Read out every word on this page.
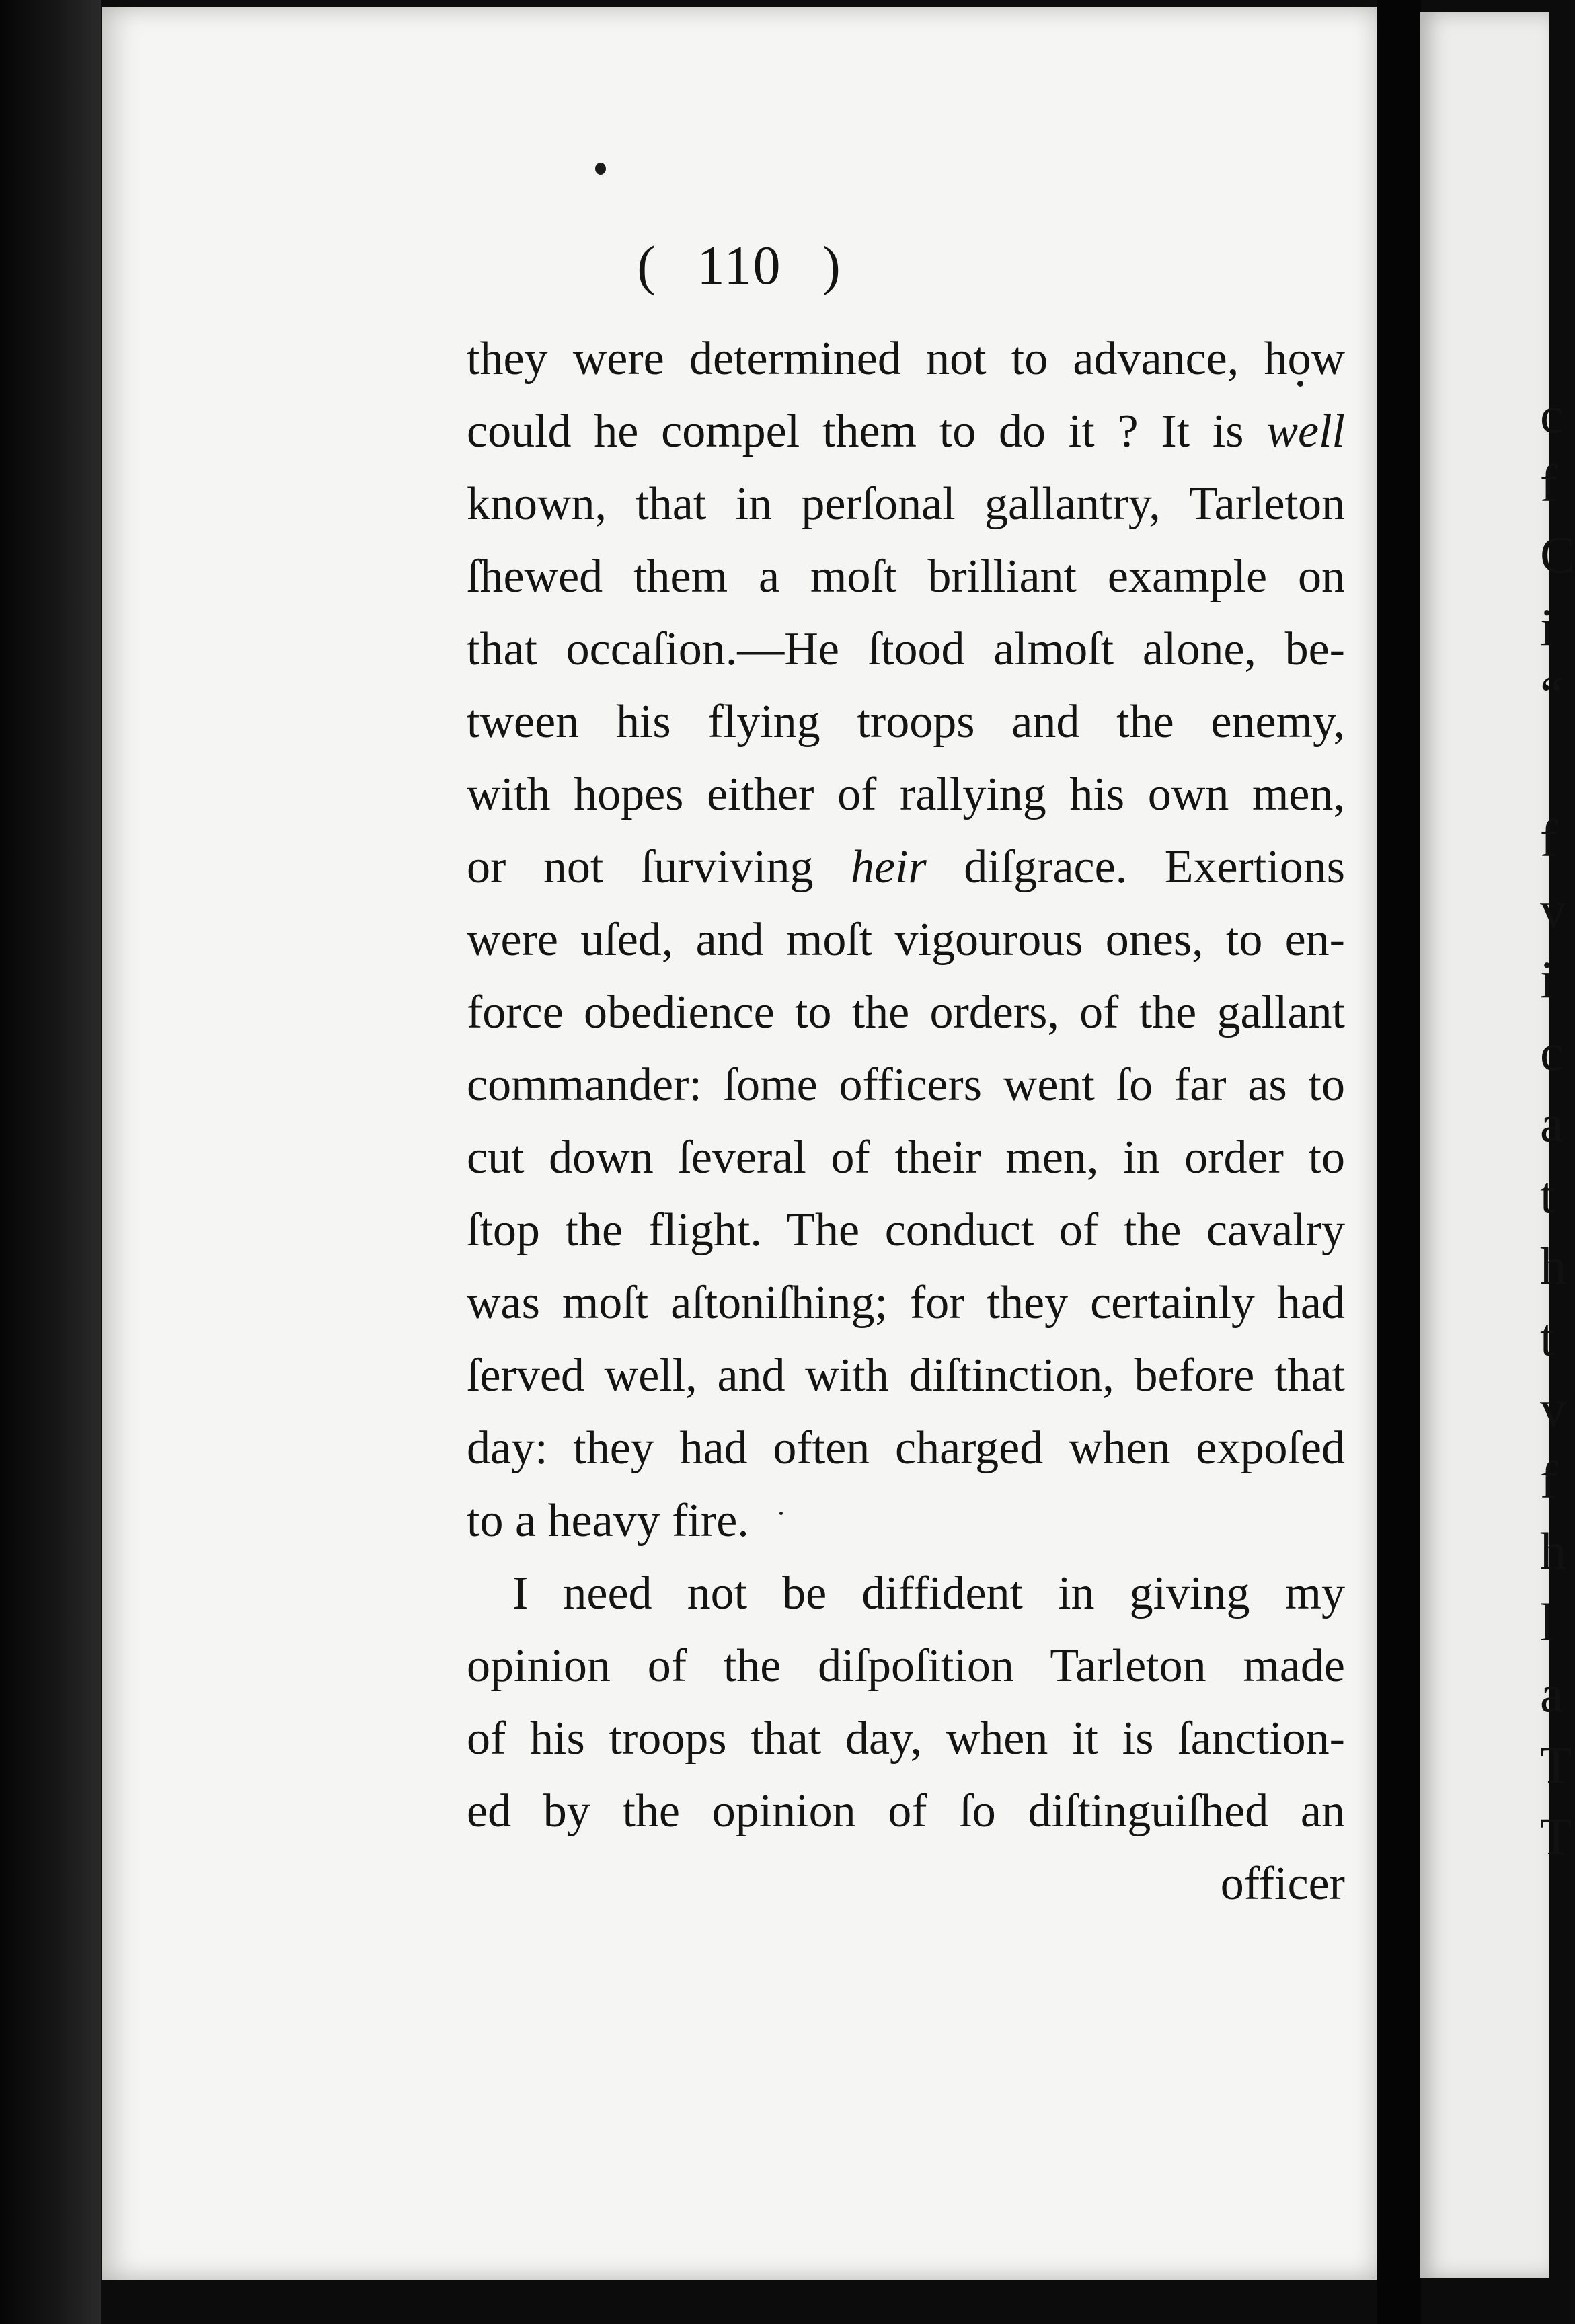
( 110 )
they were determined not to advance, how
could he compel them to do it ? It is well
known, that in perſonal gallantry, Tarleton
ſhewed them a moſt brilliant example on
that occaſion.—He ſtood almoſt alone, be-
tween his flying troops and the enemy,
with hopes either of rallying his own men,
or not ſurviving heir diſgrace. Exertions
were uſed, and moſt vigourous ones, to en-
force obedience to the orders, of the gallant
commander: ſome officers went ſo far as to
cut down ſeveral of their men, in order to
ſtop the flight. The conduct of the cavalry
was moſt aſtoniſhing; for they certainly had
ſerved well, and with diſtinction, before that
day: they had often charged when expoſed
to a heavy fire.
I need not be diffident in giving my
opinion of the diſpoſition Tarleton made
of his troops that day, when it is ſanction-
ed by the opinion of ſo diſtinguiſhed an
officer
c
f
C
i
“
f
v
i
c
a
t
h
t
v
f
h
l
a
T
T
